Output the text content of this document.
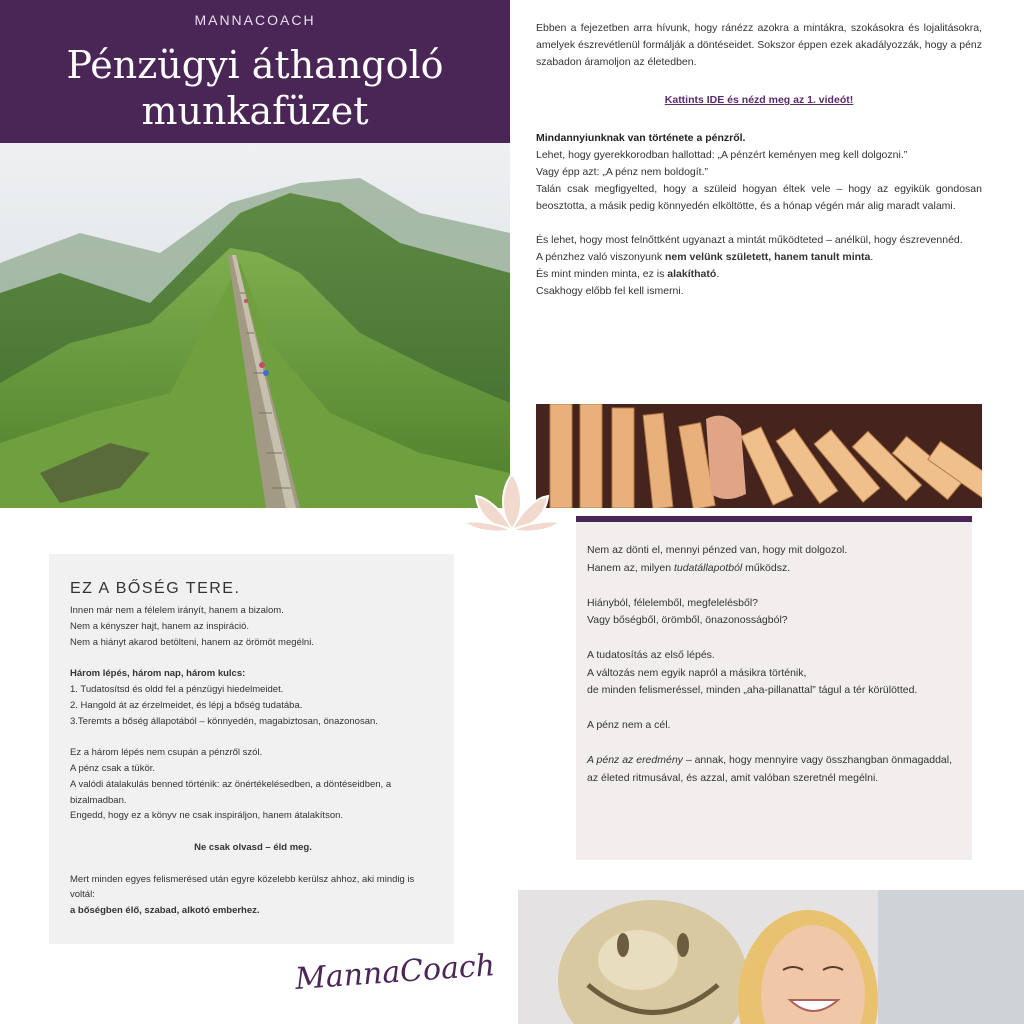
MANNACOACH
Pénzügyi áthangoló
munkafüzet
Ebben a fejezetben arra hívunk, hogy ránézz azokra a mintákra, szokásokra és lojalitásokra, amelyek észrevétlenül formálják a döntéseidet. Sokszor éppen ezek akadályozzák, hogy a pénz szabadon áramoljon az életedben.
Kattints IDE és nézd meg az 1. videót!

Mindannyiunknak van története a pénzről.

Lehet, hogy gyerekkorodban hallottad: „A pénzért keményen meg kell dolgozni.”

Vagy épp azt: „A pénz nem boldogít.”

Talán csak megfigyelted, hogy a szüleid hogyan éltek vele – hogy az egyikük gondosan beosztotta, a másik pedig könnyedén elköltötte, és a hónap végén már alig maradt valami.

És lehet, hogy most felnőttként ugyanazt a mintát működteted – anélkül, hogy észrevennéd.

A pénzhez való viszonyunk nem velünk született, hanem tanult minta.

És mint minden minta, ez is alakítható.

Csakhogy előbb fel kell ismerni.

EZ A BŐSÉG TERE.

Innen már nem a félelem irányít, hanem a bizalom.

Nem a kényszer hajt, hanem az inspiráció.

Nem a hiányt akarod betölteni, hanem az örömöt megélni.

Három lépés, három nap, három kulcs:

1. Tudatosítsd és oldd fel a pénzügyi hiedelmeidet.

2. Hangold át az érzelmeidet, és lépj a bőség tudatába.

3.Teremts a bőség állapotából – könnyedén, magabiztosan, önazonosan.

Ez a három lépés nem csupán a pénzről szól.

A pénz csak a tükör.

A valódi átalakulás benned történik: az önértékelésedben, a döntéseidben, a bizalmadban.

Engedd, hogy ez a könyv ne csak inspiráljon, hanem átalakítson.

Ne csak olvasd – éld meg.

Mert minden egyes felismerésed után egyre közelebb kerülsz ahhoz, aki mindig is voltál:

a bőségben élő, szabad, alkotó emberhez.

MannaCoach

Nem az dönti el, mennyi pénzed van, hogy mit dolgozol.

Hanem az, milyen tudatállapotból működsz.

Hiányból, félelemből, megfelelésből?

Vagy bőségből, örömből, önazonosságból?

A tudatosítás az első lépés.

A változás nem egyik napról a másikra történik,

de minden felismeréssel, minden „aha-pillanattal” tágul a tér körülötted.

A pénz nem a cél.

A pénz az eredmény – annak, hogy mennyire vagy összhangban önmagaddal,

az életed ritmusával, és azzal, amit valóban szeretnél megélni.
